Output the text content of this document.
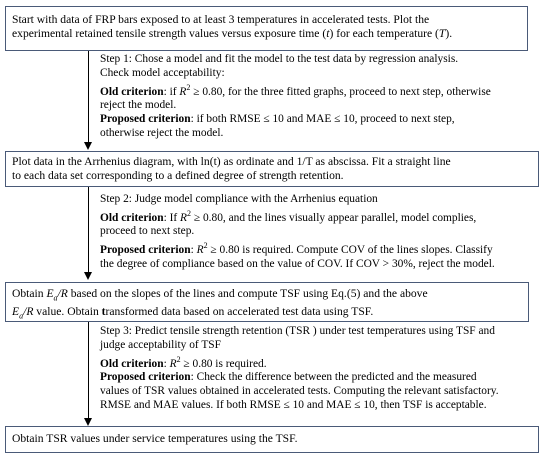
Start with data of FRP bars exposed to at least 3 temperatures in accelerated tests. Plot the

experimental retained tensile strength values versus exposure time (t) for each temperature (T).

Step 1: Chose a model and fit the model to the test data by regression analysis.

Check model acceptability:

Old criterion: if $R^2 \ge 0.80$, for the three fitted graphs, proceed to next step, otherwise

reject the model.

Proposed criterion: if both RMSE ≤ 10 and MAE ≤ 10, proceed to next step,

otherwise reject the model.

Plot data in the Arrhenius diagram, with ln(t) as ordinate and 1/T as abscissa. Fit a straight line

to each data set corresponding to a defined degree of strength retention.

Step 2: Judge model compliance with the Arrhenius equation

Old criterion: If $R^2 \ge 0.80$, and the lines visually appear parallel, model complies,

proceed to next step.

Proposed criterion: $R^2 \ge 0.80$ is required. Compute COV of the lines slopes. Classify

the degree of compliance based on the value of COV. If COV > 30%, reject the model.

Obtain $E_a/R$ based on the slopes of the lines and compute TSF using Eq.(5) and the above

$E_a/R$ value. Obtain transformed data based on accelerated test data using TSF.

Step 3: Predict tensile strength retention (TSR ) under test temperatures using TSF and

judge acceptability of TSF

Old criterion: $R^2 \ge 0.80$ is required.

Proposed criterion: Check the difference between the predicted and the measured

values of TSR values obtained in accelerated tests. Computing the relevant satisfactory.

RMSE and MAE values. If both RMSE ≤ 10 and MAE ≤ 10, then TSF is acceptable.

Obtain TSR values under service temperatures using the TSF.
